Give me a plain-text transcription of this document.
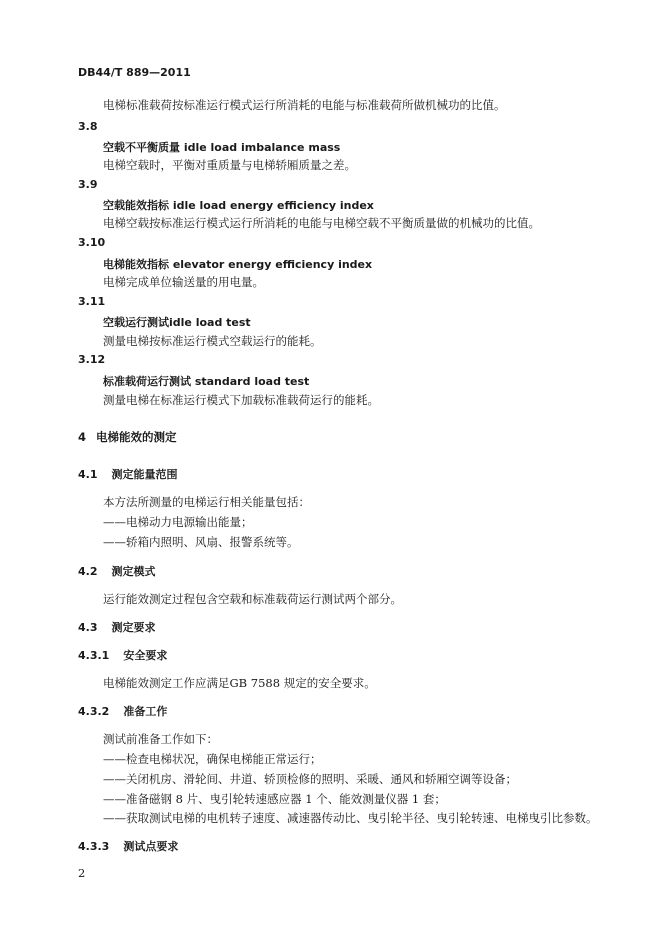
DB44/T 889—2011
电梯标准载荷按标准运行模式运行所消耗的电能与标准载荷所做机械功的比值。
3.8
空载不平衡质量 idle load imbalance mass
电梯空载时，平衡对重质量与电梯轿厢质量之差。
3.9
空载能效指标 idle load energy efficiency index
电梯空载按标准运行模式运行所消耗的电能与电梯空载不平衡质量做的机械功的比值。
3.10
电梯能效指标 elevator energy efficiency index
电梯完成单位输送量的用电量。
3.11
空载运行测试idle load test
测量电梯按标准运行模式空载运行的能耗。
3.12
标准载荷运行测试 standard load test
测量电梯在标准运行模式下加载标准载荷运行的能耗。
4 电梯能效的测定
4.1 测定能量范围
本方法所测量的电梯运行相关能量包括：
——电梯动力电源输出能量；
——轿箱内照明、风扇、报警系统等。
4.2 测定模式
运行能效测定过程包含空载和标准载荷运行测试两个部分。
4.3 测定要求
4.3.1 安全要求
电梯能效测定工作应满足GB 7588 规定的安全要求。
4.3.2 准备工作
测试前准备工作如下：
——检查电梯状况，确保电梯能正常运行；
——关闭机房、滑轮间、井道、轿顶检修的照明、采暖、通风和轿厢空调等设备；
——准备磁钢 8 片、曳引轮转速感应器 1 个、能效测量仪器 1 套；
——获取测试电梯的电机转子速度、减速器传动比、曳引轮半径、曳引轮转速、电梯曳引比参数。
4.3.3 测试点要求
2
